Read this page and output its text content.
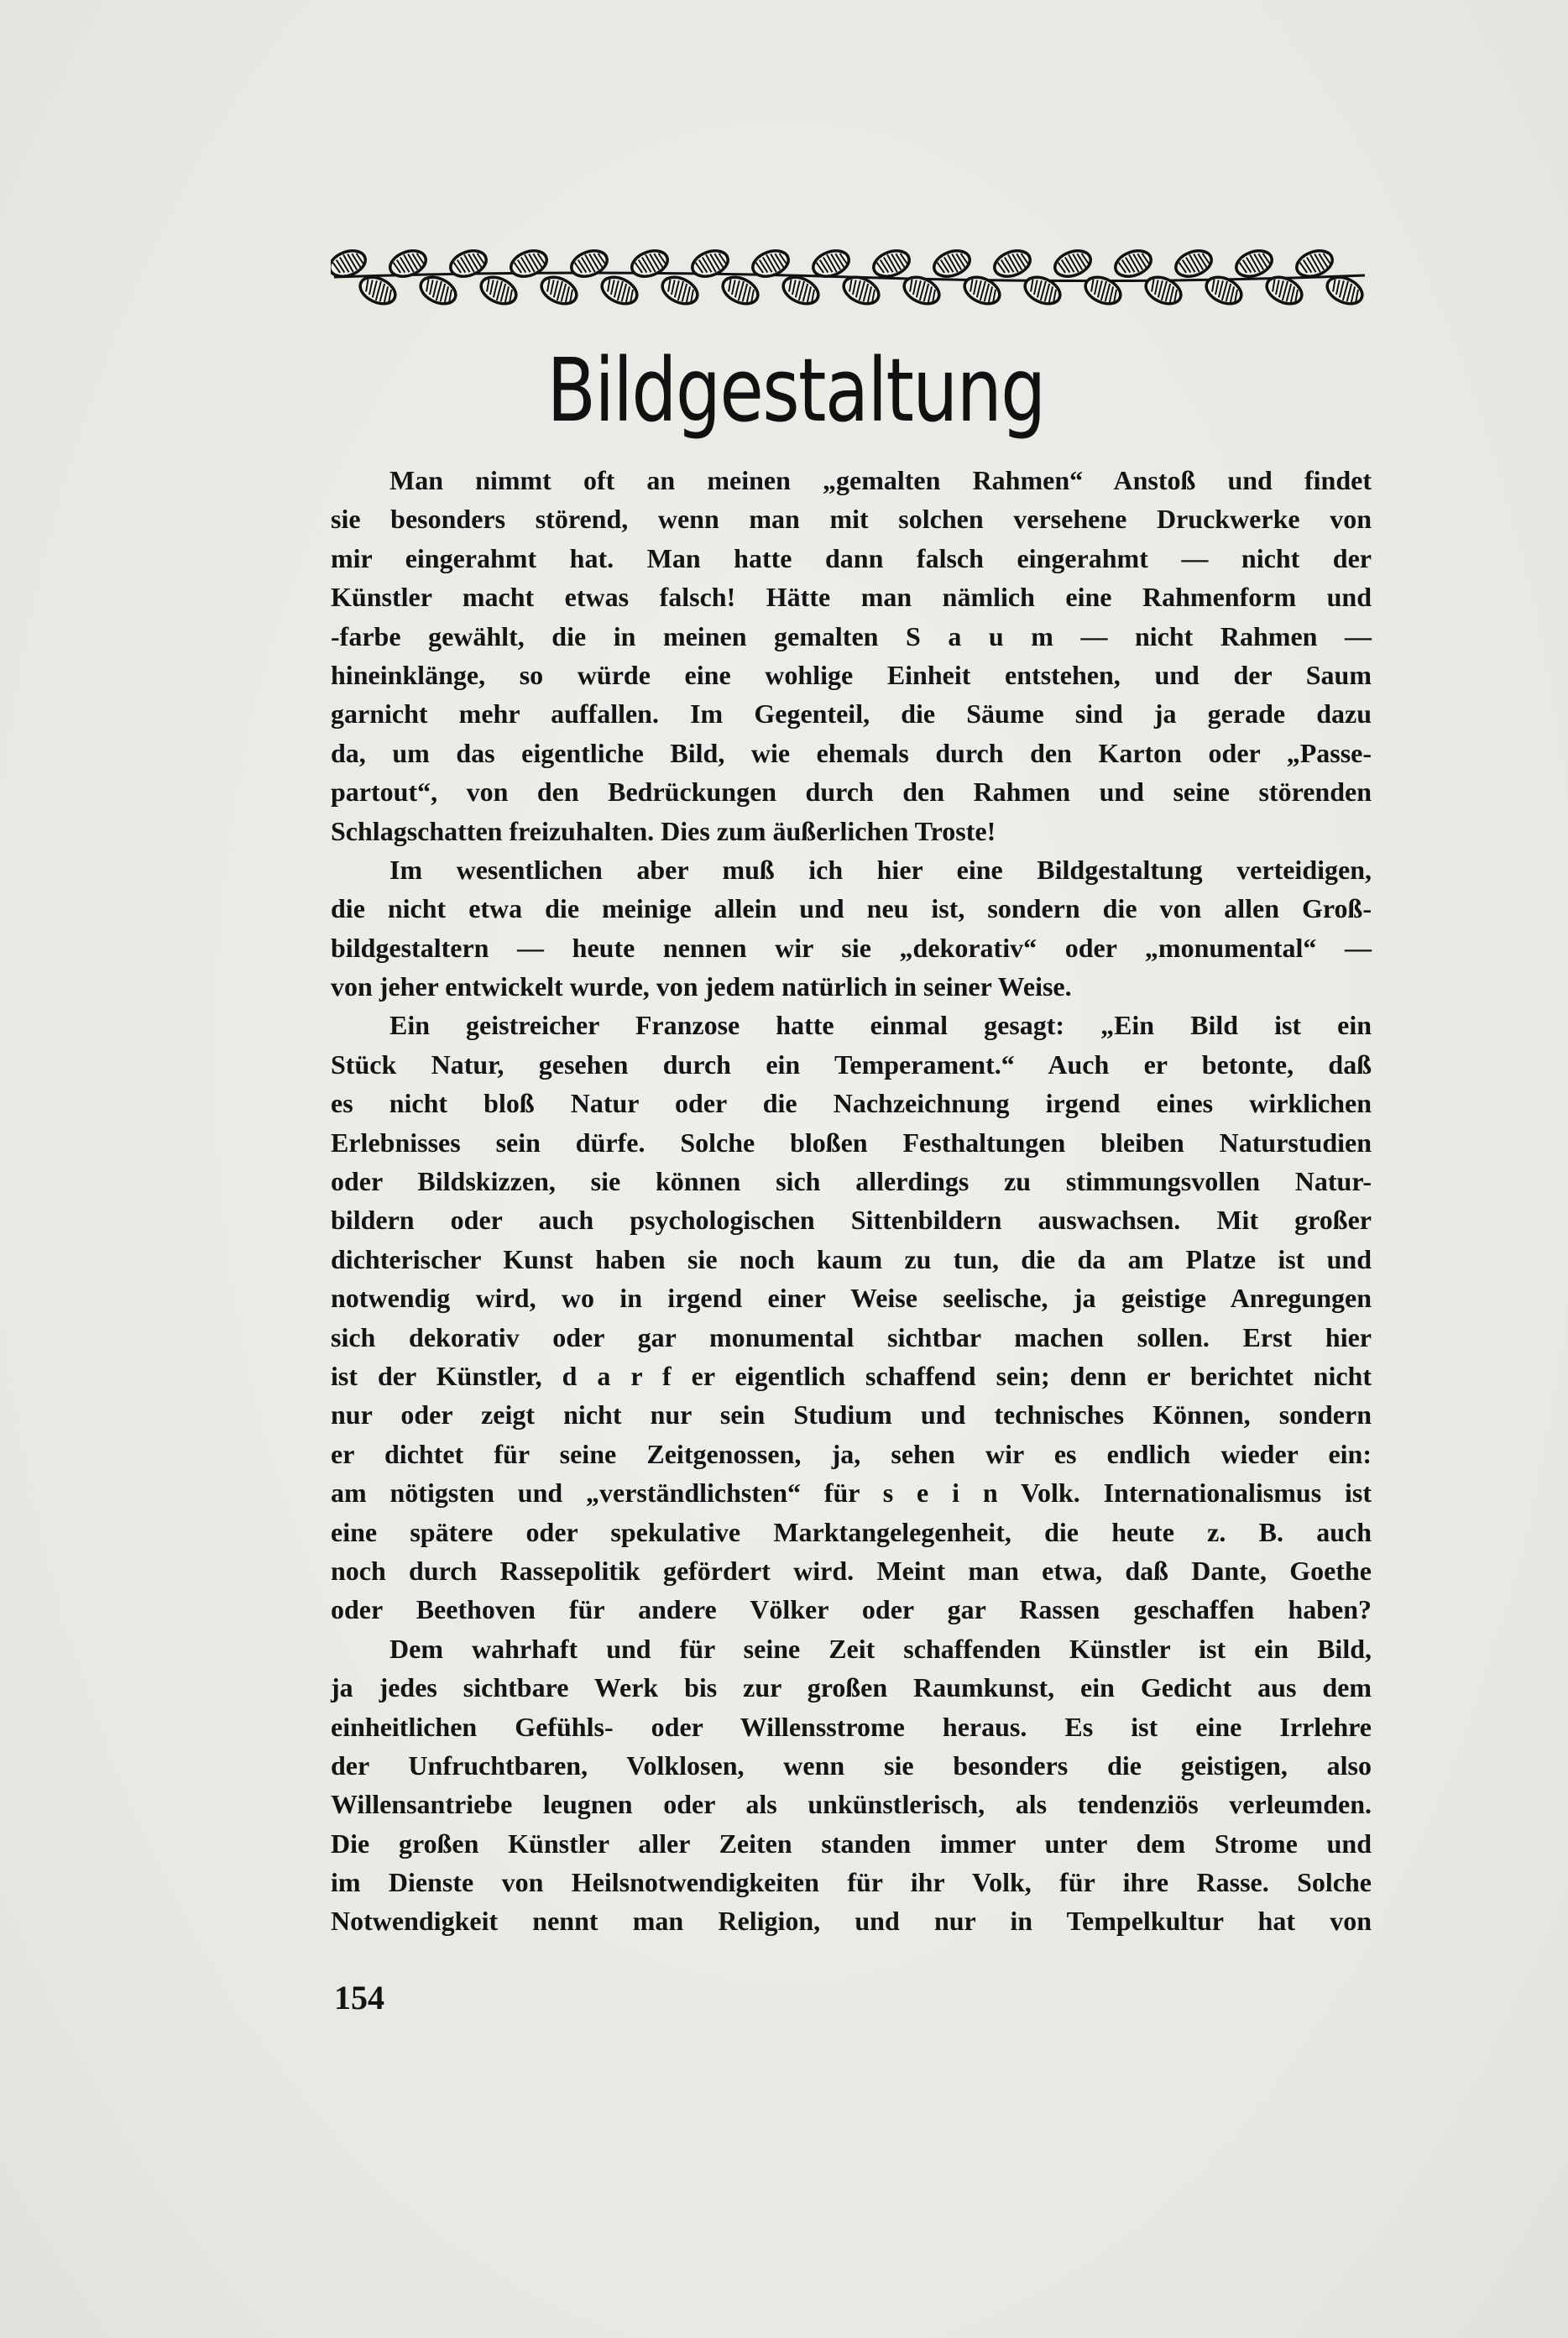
Bildgestaltung
Man nimmt oft an meinen „gemalten Rahmen“ Anstoß und findet
sie besonders störend, wenn man mit solchen versehene Druckwerke von
mir eingerahmt hat. Man hatte dann falsch eingerahmt — nicht der
Künstler macht etwas falsch! Hätte man nämlich eine Rahmenform und
-farbe gewählt, die in meinen gemalten S a u m — nicht Rahmen —
hineinklänge, so würde eine wohlige Einheit entstehen, und der Saum
garnicht mehr auffallen. Im Gegenteil, die Säume sind ja gerade dazu
da, um das eigentliche Bild, wie ehemals durch den Karton oder „Passe-
partout“, von den Bedrückungen durch den Rahmen und seine störenden
Schlagschatten freizuhalten. Dies zum äußerlichen Troste!
Im wesentlichen aber muß ich hier eine Bildgestaltung verteidigen,
die nicht etwa die meinige allein und neu ist, sondern die von allen Groß-
bildgestaltern — heute nennen wir sie „dekorativ“ oder „monumental“ —
von jeher entwickelt wurde, von jedem natürlich in seiner Weise.
Ein geistreicher Franzose hatte einmal gesagt: „Ein Bild ist ein
Stück Natur, gesehen durch ein Temperament.“ Auch er betonte, daß
es nicht bloß Natur oder die Nachzeichnung irgend eines wirklichen
Erlebnisses sein dürfe. Solche bloßen Festhaltungen bleiben Naturstudien
oder Bildskizzen, sie können sich allerdings zu stimmungsvollen Natur-
bildern oder auch psychologischen Sittenbildern auswachsen. Mit großer
dichterischer Kunst haben sie noch kaum zu tun, die da am Platze ist und
notwendig wird, wo in irgend einer Weise seelische, ja geistige Anregungen
sich dekorativ oder gar monumental sichtbar machen sollen. Erst hier
ist der Künstler, d a r f er eigentlich schaffend sein; denn er berichtet nicht
nur oder zeigt nicht nur sein Studium und technisches Können, sondern
er dichtet für seine Zeitgenossen, ja, sehen wir es endlich wieder ein:
am nötigsten und „verständlichsten“ für s e i n Volk. Internationalismus ist
eine spätere oder spekulative Marktangelegenheit, die heute z. B. auch
noch durch Rassepolitik gefördert wird. Meint man etwa, daß Dante, Goethe
oder Beethoven für andere Völker oder gar Rassen geschaffen haben?
Dem wahrhaft und für seine Zeit schaffenden Künstler ist ein Bild,
ja jedes sichtbare Werk bis zur großen Raumkunst, ein Gedicht aus dem
einheitlichen Gefühls- oder Willensstrome heraus. Es ist eine Irrlehre
der Unfruchtbaren, Volklosen, wenn sie besonders die geistigen, also
Willensantriebe leugnen oder als unkünstlerisch, als tendenziös verleumden.
Die großen Künstler aller Zeiten standen immer unter dem Strome und
im Dienste von Heilsnotwendigkeiten für ihr Volk, für ihre Rasse. Solche
Notwendigkeit nennt man Religion, und nur in Tempelkultur hat von
154
